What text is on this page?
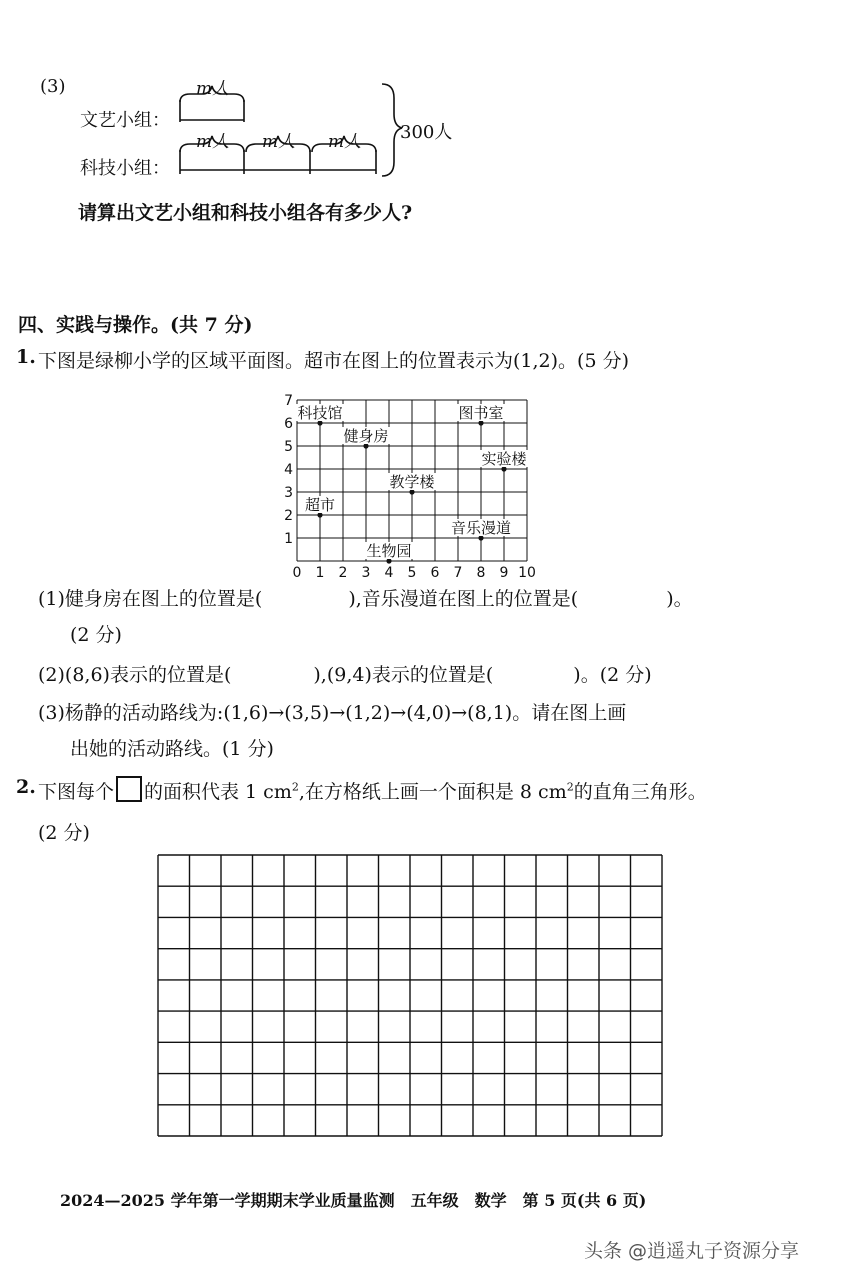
(3)
文艺小组：
科技小组：
m人
m人 m人 m人 300人
请算出文艺小组和科技小组各有多少人?
四、实践与操作。(共 7 分)
1. 下图是绿柳小学的区域平面图。超市在图上的位置表示为(1,2)。(5 分)
0 1 2 3 4 5 6 7 8 9 10
1
2
3
4
5
6
7
科技馆	图书室
健身房
实验楼
教学楼
超市
音乐漫道
生物园
(1)健身房在图上的位置是(	),音乐漫道在图上的位置是(	)。
(2 分)
(2)(8,6)表示的位置是(	),(9,4)表示的位置是(	)。(2 分)
(3)杨静的活动路线为:(1,6)→(3,5)→(1,2)→(4,0)→(8,1)。请在图上画
出她的活动路线。(1 分)
2. 下图每个 的面积代表 1 $cm^2$,在方格纸上画一个面积是 8 $cm^2$的直角三角形。
(2 分)
2024—2025 学年第一学期期末学业质量监测　五年级　数学　第 5 页(共 6 页)
头条 @逍遥丸子资源分享
